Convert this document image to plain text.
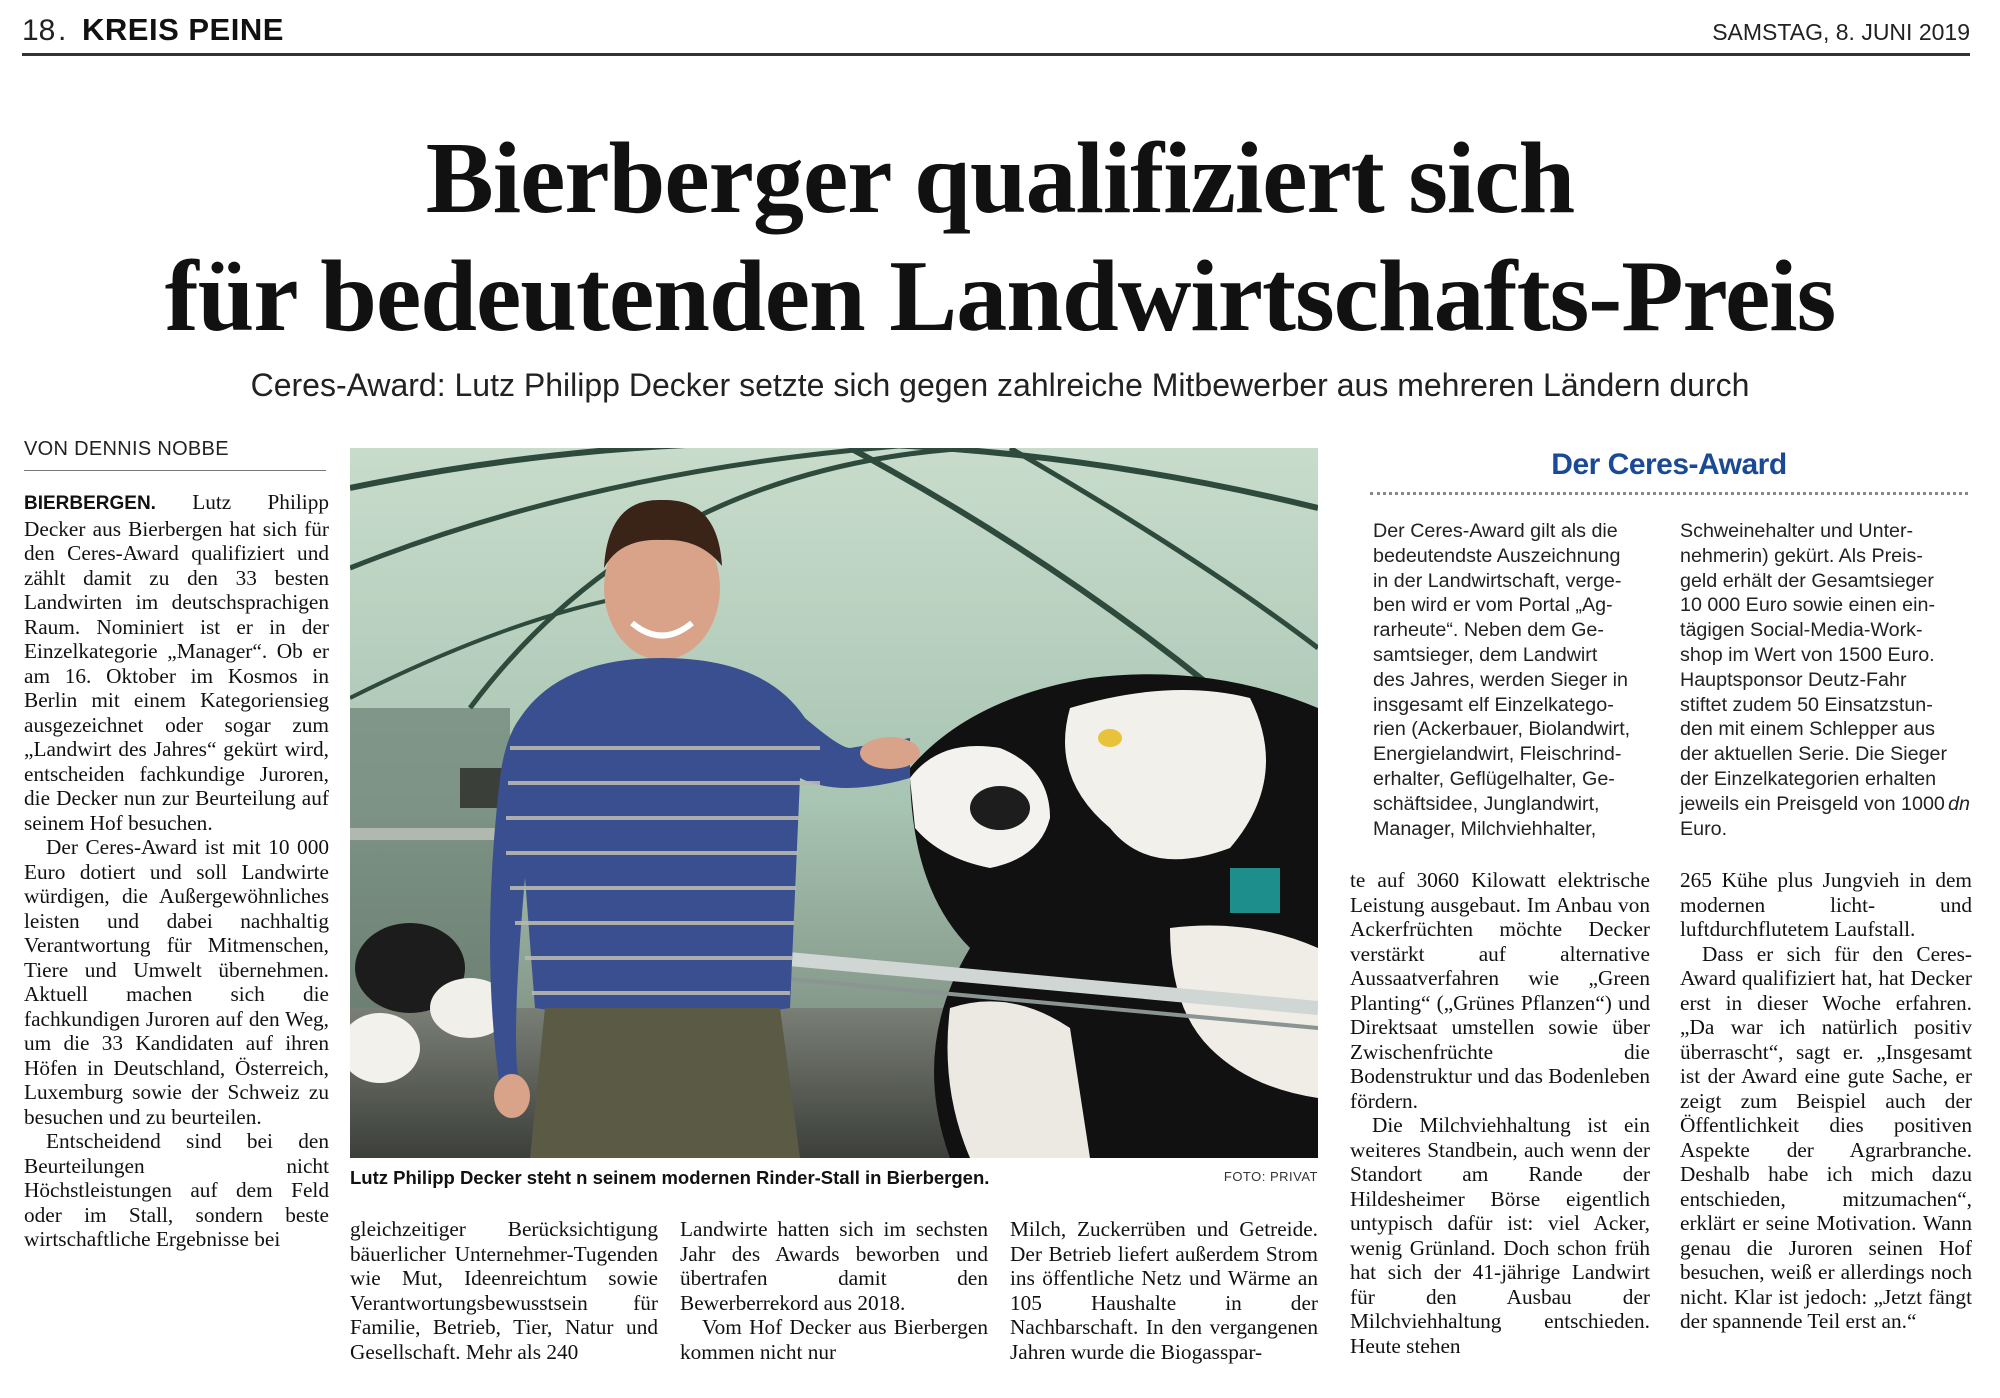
18 . KREIS PEINE	SAMSTAG, 8. JUNI 2019
Bierberger qualifiziert sich
für bedeutenden Landwirtschafts-Preis
Ceres-Award: Lutz Philipp Decker setzte sich gegen zahlreiche Mitbewerber aus mehreren Ländern durch
VON DENNIS NOBBE

BIERBERGEN. Lutz Philipp Decker aus Bierbergen hat sich für den Ceres-Award qualifiziert und zählt damit zu den 33 besten Landwirten im deutschsprachigen Raum. Nominiert ist er in der Einzelkategorie „Manager“. Ob er am 16. Oktober im Kosmos in Berlin mit einem Kategoriensieg ausgezeichnet oder sogar zum „Landwirt des Jahres“ gekürt wird, entscheiden fachkundige Juroren, die Decker nun zur Beurteilung auf seinem Hof besuchen.

Der Ceres-Award ist mit 10 000 Euro dotiert und soll Landwirte würdigen, die Außergewöhnliches leisten und dabei nachhaltig Verantwortung für Mitmenschen, Tiere und Umwelt übernehmen. Aktuell machen sich die fachkundigen Juroren auf den Weg, um die 33 Kandidaten auf ihren Höfen in Deutschland, Österreich, Luxemburg sowie der Schweiz zu besuchen und zu beurteilen.

Entscheidend sind bei den Beurteilungen nicht Höchstleistungen auf dem Feld oder im Stall, sondern beste wirtschaftliche Ergebnisse bei

Lutz Philipp Decker steht n seinem modernen Rinder-Stall in Bierbergen.	FOTO: PRIVAT

gleichzeitiger Berücksichtigung bäuerlicher Unternehmer-Tugenden wie Mut, Ideenreichtum sowie Verantwortungsbewusstsein für Familie, Betrieb, Tier, Natur und Gesellschaft. Mehr als 240

Landwirte hatten sich im sechsten Jahr des Awards beworben und übertrafen damit den Bewerberrekord aus 2018.

Vom Hof Decker aus Bierbergen kommen nicht nur

Milch, Zuckerrüben und Getreide. Der Betrieb liefert außerdem Strom ins öffentliche Netz und Wärme an 105 Haushalte in der Nachbarschaft. In den vergangenen Jahren wurde die Biogasspar-

Der Ceres-Award
Der Ceres-Award gilt als die
bedeutendste Auszeichnung
in der Landwirtschaft, verge-
ben wird er vom Portal „Ag-
rarheute“. Neben dem Ge-
samtsieger, dem Landwirt
des Jahres, werden Sieger in
insgesamt elf Einzelkatego-
rien (Ackerbauer, Biolandwirt,
Energielandwirt, Fleischrind-
erhalter, Geflügelhalter, Ge-
schäftsidee, Junglandwirt,
Manager, Milchviehhalter,
Schweinehalter und Unter-
nehmerin) gekürt. Als Preis-
geld erhält der Gesamtsieger
10 000 Euro sowie einen ein-
tägigen Social-Media-Work-
shop im Wert von 1500 Euro.
Hauptsponsor Deutz-Fahr
stiftet zudem 50 Einsatzstun-
den mit einem Schlepper aus
der aktuellen Serie. Die Sieger
der Einzelkategorien erhalten
jeweils ein Preisgeld von 1000
Euro.
dn

te auf 3060 Kilowatt elektrische Leistung ausgebaut. Im Anbau von Ackerfrüchten möchte Decker verstärkt auf alternative Aussaatverfahren wie „Green Planting“ („Grünes Pflanzen“) und Direktsaat umstellen sowie über Zwischenfrüchte die Bodenstruktur und das Bodenleben fördern.

Die Milchviehhaltung ist ein weiteres Standbein, auch wenn der Standort am Rande der Hildesheimer Börse eigentlich untypisch dafür ist: viel Acker, wenig Grünland. Doch schon früh hat sich der 41-jährige Landwirt für den Ausbau der Milchviehhaltung entschieden. Heute stehen

265 Kühe plus Jungvieh in dem modernen licht- und luftdurchflutetem Laufstall.

Dass er sich für den Ceres-Award qualifiziert hat, hat Decker erst in dieser Woche erfahren. „Da war ich natürlich positiv überrascht“, sagt er. „Insgesamt ist der Award eine gute Sache, er zeigt zum Beispiel auch der Öffentlichkeit dies positiven Aspekte der Agrarbranche. Deshalb habe ich mich dazu entschieden, mitzumachen“, erklärt er seine Motivation. Wann genau die Juroren seinen Hof besuchen, weiß er allerdings noch nicht. Klar ist jedoch: „Jetzt fängt der spannende Teil erst an.“
